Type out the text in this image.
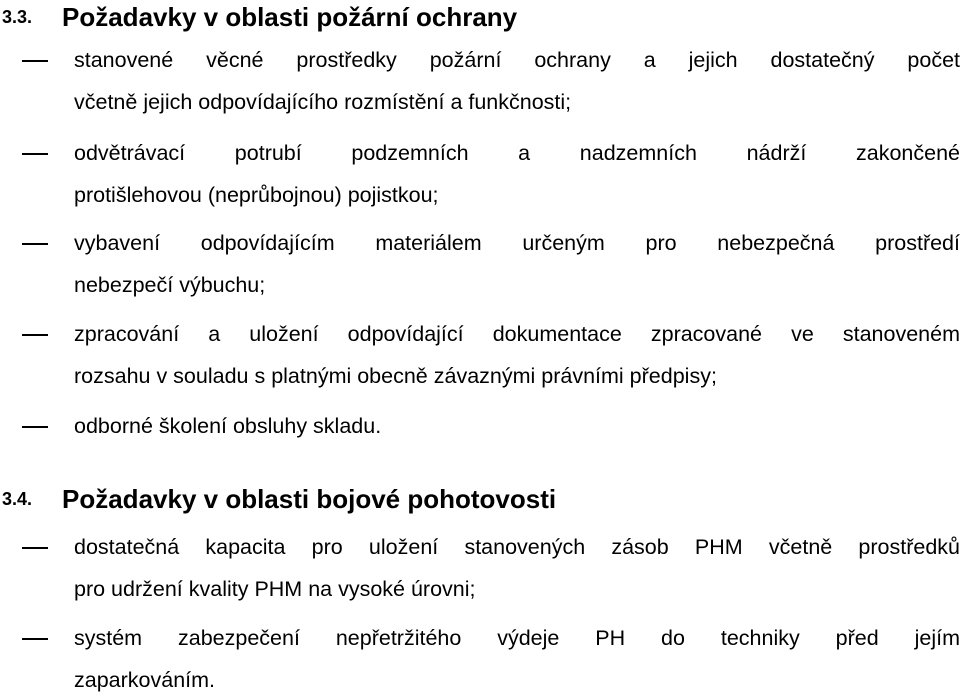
3.3. Požadavky v oblasti požární ochrany
stanovené věcné prostředky požární ochrany a jejich dostatečný počet
včetně jejich odpovídajícího rozmístění a funkčnosti;
odvětrávací potrubí podzemních a nadzemních nádrží zakončené
protišlehovou (neprůbojnou) pojistkou;
vybavení odpovídajícím materiálem určeným pro nebezpečná prostředí
nebezpečí výbuchu;
zpracování a uložení odpovídající dokumentace zpracované ve stanoveném
rozsahu v souladu s platnými obecně závaznými právními předpisy;
odborné školení obsluhy skladu.
3.4. Požadavky v oblasti bojové pohotovosti
dostatečná kapacita pro uložení stanovených zásob PHM včetně prostředků
pro udržení kvality PHM na vysoké úrovni;
systém zabezpečení nepřetržitého výdeje PH do techniky před jejím
zaparkováním.
